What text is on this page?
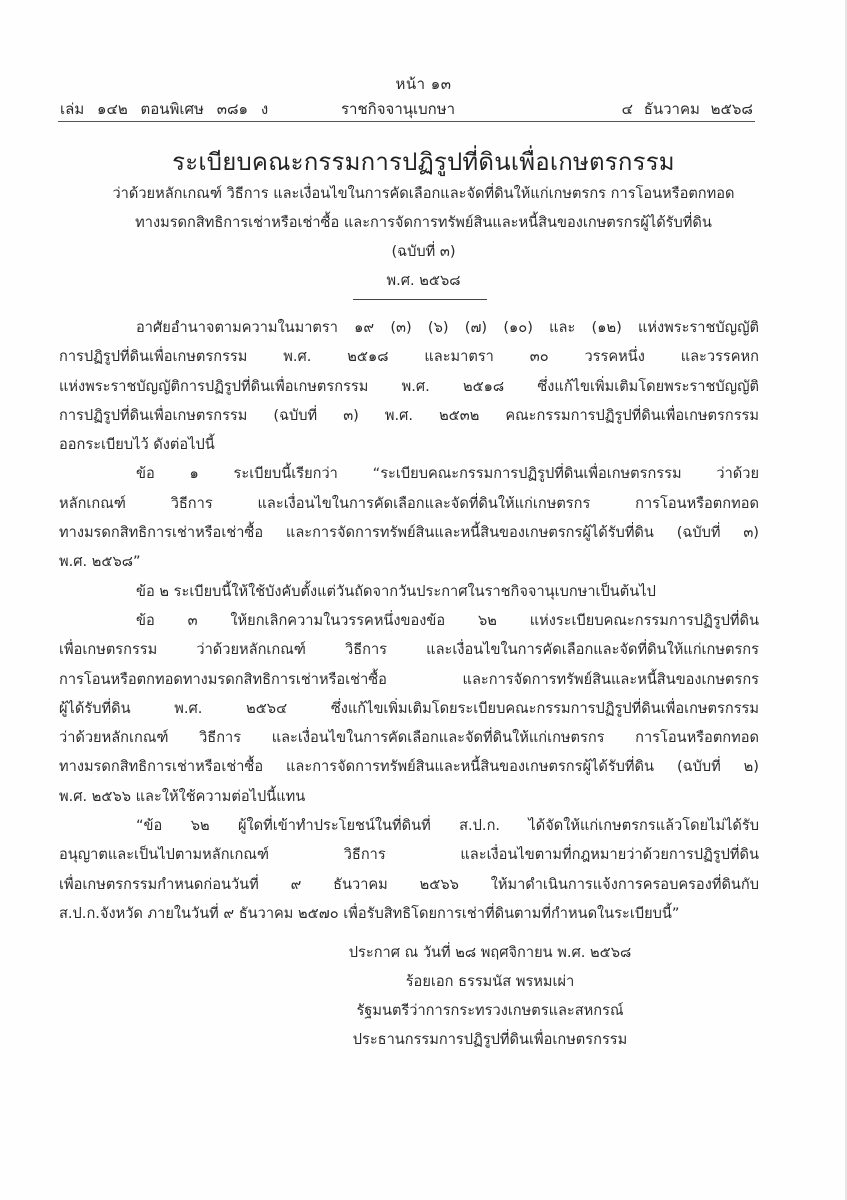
หน้า ๑๓
เล่ม ๑๔๒ ตอนพิเศษ ๓๘๑ ง	ราชกิจจานุเบกษา	๔ ธันวาคม ๒๕๖๘
ระเบียบคณะกรรมการปฏิรูปที่ดินเพื่อเกษตรกรรม
ว่าด้วยหลักเกณฑ์ วิธีการ และเงื่อนไขในการคัดเลือกและจัดที่ดินให้แก่เกษตรกร การโอนหรือตกทอด
ทางมรดกสิทธิการเช่าหรือเช่าซื้อ และการจัดการทรัพย์สินและหนี้สินของเกษตรกรผู้ได้รับที่ดิน
(ฉบับที่ ๓)
พ.ศ. ๒๕๖๘
อาศัยอำนาจตามความในมาตรา ๑๙ (๓) (๖) (๗) (๑๐) และ (๑๒) แห่งพระราชบัญญัติ
การปฏิรูปที่ดินเพื่อเกษตรกรรม พ.ศ. ๒๕๑๘ และมาตรา ๓๐ วรรคหนึ่ง และวรรคหก
แห่งพระราชบัญญัติการปฏิรูปที่ดินเพื่อเกษตรกรรม พ.ศ. ๒๕๑๘ ซึ่งแก้ไขเพิ่มเติมโดยพระราชบัญญัติ
การปฏิรูปที่ดินเพื่อเกษตรกรรม (ฉบับที่ ๓) พ.ศ. ๒๕๓๒ คณะกรรมการปฏิรูปที่ดินเพื่อเกษตรกรรม
ออกระเบียบไว้ ดังต่อไปนี้
ข้อ ๑ ระเบียบนี้เรียกว่า “ระเบียบคณะกรรมการปฏิรูปที่ดินเพื่อเกษตรกรรม ว่าด้วย
หลักเกณฑ์ วิธีการ และเงื่อนไขในการคัดเลือกและจัดที่ดินให้แก่เกษตรกร การโอนหรือตกทอด
ทางมรดกสิทธิการเช่าหรือเช่าซื้อ และการจัดการทรัพย์สินและหนี้สินของเกษตรกรผู้ได้รับที่ดิน (ฉบับที่ ๓)
พ.ศ. ๒๕๖๘”
ข้อ ๒ ระเบียบนี้ให้ใช้บังคับตั้งแต่วันถัดจากวันประกาศในราชกิจจานุเบกษาเป็นต้นไป
ข้อ ๓ ให้ยกเลิกความในวรรคหนึ่งของข้อ ๖๒ แห่งระเบียบคณะกรรมการปฏิรูปที่ดิน
เพื่อเกษตรกรรม ว่าด้วยหลักเกณฑ์ วิธีการ และเงื่อนไขในการคัดเลือกและจัดที่ดินให้แก่เกษตรกร
การโอนหรือตกทอดทางมรดกสิทธิการเช่าหรือเช่าซื้อ และการจัดการทรัพย์สินและหนี้สินของเกษตรกร
ผู้ได้รับที่ดิน พ.ศ. ๒๕๖๔ ซึ่งแก้ไขเพิ่มเติมโดยระเบียบคณะกรรมการปฏิรูปที่ดินเพื่อเกษตรกรรม
ว่าด้วยหลักเกณฑ์ วิธีการ และเงื่อนไขในการคัดเลือกและจัดที่ดินให้แก่เกษตรกร การโอนหรือตกทอด
ทางมรดกสิทธิการเช่าหรือเช่าซื้อ และการจัดการทรัพย์สินและหนี้สินของเกษตรกรผู้ได้รับที่ดิน (ฉบับที่ ๒)
พ.ศ. ๒๕๖๖ และให้ใช้ความต่อไปนี้แทน
“ข้อ ๖๒ ผู้ใดที่เข้าทำประโยชน์ในที่ดินที่ ส.ป.ก. ได้จัดให้แก่เกษตรกรแล้วโดยไม่ได้รับ
อนุญาตและเป็นไปตามหลักเกณฑ์ วิธีการ และเงื่อนไขตามที่กฎหมายว่าด้วยการปฏิรูปที่ดิน
เพื่อเกษตรกรรมกำหนดก่อนวันที่ ๙ ธันวาคม ๒๕๖๖ ให้มาดำเนินการแจ้งการครอบครองที่ดินกับ
ส.ป.ก.จังหวัด ภายในวันที่ ๙ ธันวาคม ๒๕๗๐ เพื่อรับสิทธิโดยการเช่าที่ดินตามที่กำหนดในระเบียบนี้”
ประกาศ ณ วันที่ ๒๘ พฤศจิกายน พ.ศ. ๒๕๖๘
ร้อยเอก ธรรมนัส พรหมเผ่า
รัฐมนตรีว่าการกระทรวงเกษตรและสหกรณ์
ประธานกรรมการปฏิรูปที่ดินเพื่อเกษตรกรรม
